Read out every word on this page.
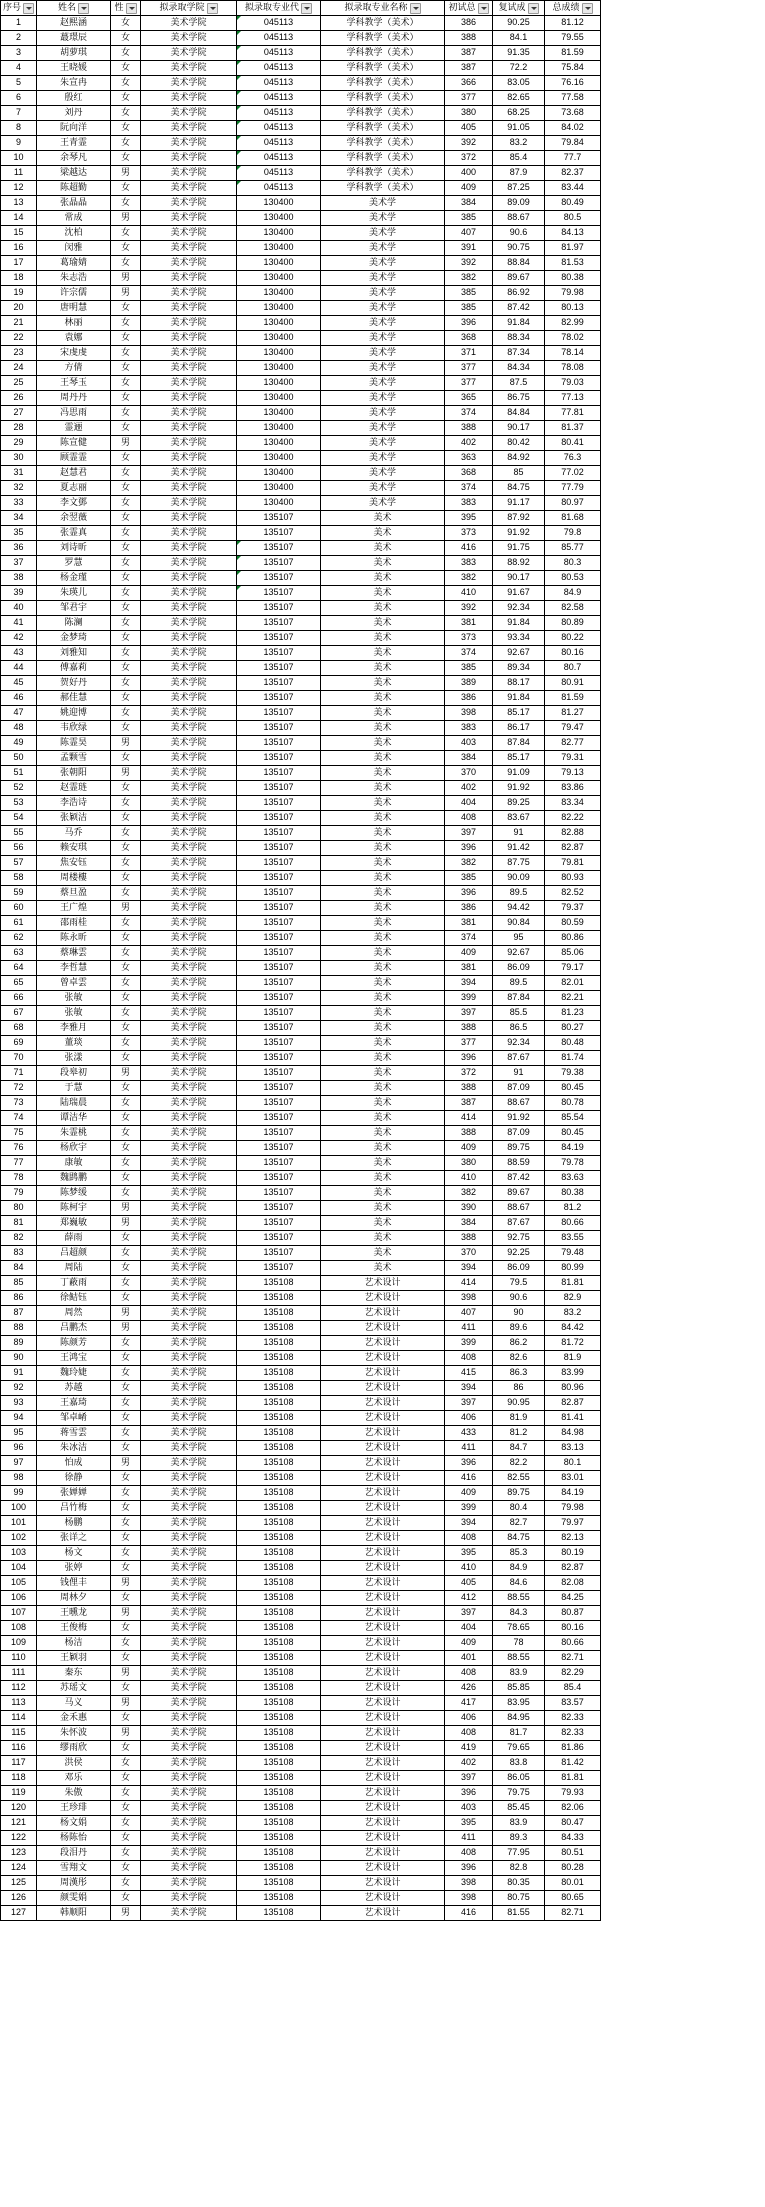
序号	姓名	性	拟录取学院	拟录取专业代	拟录取专业名称	初试总	复试成	总成绩

1	赵熙涵	女	美术学院	045113	学科教学（美术）	386	90.25	81.12
2	蕞璟辰	女	美术学院	045113	学科教学（美术）	388	84.1	79.55
3	胡萝琪	女	美术学院	045113	学科教学（美术）	387	91.35	81.59
4	王晓媛	女	美术学院	045113	学科教学（美术）	387	72.2	75.84
5	朱宣冉	女	美术学院	045113	学科教学（美术）	366	83.05	76.16
6	殷红	女	美术学院	045113	学科教学（美术）	377	82.65	77.58
7	刘丹	女	美术学院	045113	学科教学（美术）	380	68.25	73.68
8	阮向洋	女	美术学院	045113	学科教学（美术）	405	91.05	84.02
9	王青霊	女	美术学院	045113	学科教学（美术）	392	83.2	79.84
10	余琴凡	女	美术学院	045113	学科教学（美术）	372	85.4	77.7
11	梁越达	男	美术学院	045113	学科教学（美术）	400	87.9	82.37
12	陈超勤	女	美术学院	045113	学科教学（美术）	409	87.25	83.44
13	张晶晶	女	美术学院	130400	美术学	384	89.09	80.49
14	常成	男	美术学院	130400	美术学	385	88.67	80.5
15	沈柏	女	美术学院	130400	美术学	407	90.6	84.13
16	闵雅	女	美术学院	130400	美术学	391	90.75	81.97
17	葛瑜婧	女	美术学院	130400	美术学	392	88.84	81.53
18	朱志浩	男	美术学院	130400	美术学	382	89.67	80.38
19	许宗儒	男	美术学院	130400	美术学	385	86.92	79.98
20	唐明慧	女	美术学院	130400	美术学	385	87.42	80.13
21	林丽	女	美术学院	130400	美术学	396	91.84	82.99
22	袁娜	女	美术学院	130400	美术学	368	88.34	78.02
23	宋虔虔	女	美术学院	130400	美术学	371	87.34	78.14
24	方倩	女	美术学院	130400	美术学	377	84.34	78.08
25	王琴玉	女	美术学院	130400	美术学	377	87.5	79.03
26	周丹丹	女	美术学院	130400	美术学	365	86.75	77.13
27	冯思雨	女	美术学院	130400	美术学	374	84.84	77.81
28	霊逦	女	美术学院	130400	美术学	388	90.17	81.37
29	陈宣健	男	美术学院	130400	美术学	402	80.42	80.41
30	顾霊霊	女	美术学院	130400	美术学	363	84.92	76.3
31	赵慧君	女	美术学院	130400	美术学	368	85	77.02
32	夏志丽	女	美术学院	130400	美术学	374	84.75	77.79
33	李文鄧	女	美术学院	130400	美术学	383	91.17	80.97
34	余翌薇	女	美术学院	135107	美术	395	87.92	81.68
35	张霊真	女	美术学院	135107	美术	373	91.92	79.8
36	刘诗昕	女	美术学院	135107	美术	416	91.75	85.77
37	罗慧	女	美术学院	135107	美术	383	88.92	80.3
38	杨金瑾	女	美术学院	135107	美术	382	90.17	80.53
39	朱瑛儿	女	美术学院	135107	美术	410	91.67	84.9
40	邹君宇	女	美术学院	135107	美术	392	92.34	82.58
41	陈澜	女	美术学院	135107	美术	381	91.84	80.89
42	金梦琦	女	美术学院	135107	美术	373	93.34	80.22
43	刘雅知	女	美术学院	135107	美术	374	92.67	80.16
44	傅嘉莉	女	美术学院	135107	美术	385	89.34	80.7
45	贺好丹	女	美术学院	135107	美术	389	88.17	80.91
46	郝佳慧	女	美术学院	135107	美术	386	91.84	81.59
47	姚迎博	女	美术学院	135107	美术	398	85.17	81.27
48	韦欣绿	女	美术学院	135107	美术	383	86.17	79.47
49	陈霊昊	男	美术学院	135107	美术	403	87.84	82.77
50	孟颗雪	女	美术学院	135107	美术	384	85.17	79.31
51	张朝阳	男	美术学院	135107	美术	370	91.09	79.13
52	赵霊琏	女	美术学院	135107	美术	402	91.92	83.86
53	李浩诗	女	美术学院	135107	美术	404	89.25	83.34
54	张颖洁	女	美术学院	135107	美术	408	83.67	82.22
55	马乔	女	美术学院	135107	美术	397	91	82.88
56	赖安琪	女	美术学院	135107	美术	396	91.42	82.87
57	焦安钰	女	美术学院	135107	美术	382	87.75	79.81
58	周楼樓	女	美术学院	135107	美术	385	90.09	80.93
59	蔡旦盈	女	美术学院	135107	美术	396	89.5	82.52
60	王广煌	男	美术学院	135107	美术	386	94.42	79.37
61	邵雨桂	女	美术学院	135107	美术	381	90.84	80.59
62	陈永昕	女	美术学院	135107	美术	374	95	80.86
63	蔡琳雲	女	美术学院	135107	美术	409	92.67	85.06
64	李哲慧	女	美术学院	135107	美术	381	86.09	79.17
65	曾卓雲	女	美术学院	135107	美术	394	89.5	82.01
66	张敏	女	美术学院	135107	美术	399	87.84	82.21
67	张敏	女	美术学院	135107	美术	397	85.5	81.23
68	李雅月	女	美术学院	135107	美术	388	86.5	80.27
69	董琰	女	美术学院	135107	美术	377	92.34	80.48
70	张漾	女	美术学院	135107	美术	396	87.67	81.74
71	段皋初	男	美术学院	135107	美术	372	91	79.38
72	于慧	女	美术学院	135107	美术	388	87.09	80.45
73	陆瑞晨	女	美术学院	135107	美术	387	88.67	80.78
74	谭洁华	女	美术学院	135107	美术	414	91.92	85.54
75	朱霊桃	女	美术学院	135107	美术	388	87.09	80.45
76	杨欣宇	女	美术学院	135107	美术	409	89.75	84.19
77	康敏	女	美术学院	135107	美术	380	88.59	79.78
78	魏鹍鹏	女	美术学院	135107	美术	410	87.42	83.63
79	陈梦缓	女	美术学院	135107	美术	382	89.67	80.38
80	陈柯宇	男	美术学院	135107	美术	390	88.67	81.2
81	郑巍敏	男	美术学院	135107	美术	384	87.67	80.66
82	薛雨	女	美术学院	135107	美术	388	92.75	83.55
83	吕超颜	女	美术学院	135107	美术	370	92.25	79.48
84	周陆	女	美术学院	135107	美术	394	86.09	80.99
85	丁蔽雨	女	美术学院	135108	艺术设计	414	79.5	81.81
86	徐鲒钰	女	美术学院	135108	艺术设计	398	90.6	82.9
87	周然	男	美术学院	135108	艺术设计	407	90	83.2
88	吕鹏杰	男	美术学院	135108	艺术设计	411	89.6	84.42
89	陈颜芳	女	美术学院	135108	艺术设计	399	86.2	81.72
90	王鸿宝	女	美术学院	135108	艺术设计	408	82.6	81.9
91	魏玲婕	女	美术学院	135108	艺术设计	415	86.3	83.99
92	苏越	女	美术学院	135108	艺术设计	394	86	80.96
93	王嘉琦	女	美术学院	135108	艺术设计	397	90.95	82.87
94	邹卓崤	女	美术学院	135108	艺术设计	406	81.9	81.41
95	蒋雪雲	女	美术学院	135108	艺术设计	433	81.2	84.98
96	朱冰洁	女	美术学院	135108	艺术设计	411	84.7	83.13
97	怕成	男	美术学院	135108	艺术设计	396	82.2	80.1
98	徐静	女	美术学院	135108	艺术设计	416	82.55	83.01
99	张婵婵	女	美术学院	135108	艺术设计	409	89.75	84.19
100	吕竹梅	女	美术学院	135108	艺术设计	399	80.4	79.98
101	杨鹏	女	美术学院	135108	艺术设计	394	82.7	79.97
102	张详之	女	美术学院	135108	艺术设计	408	84.75	82.13
103	杨文	女	美术学院	135108	艺术设计	395	85.3	80.19
104	张婷	女	美术学院	135108	艺术设计	410	84.9	82.87
105	钱俚丰	男	美术学院	135108	艺术设计	405	84.6	82.08
106	周林夕	女	美术学院	135108	艺术设计	412	88.55	84.25
107	王曛龙	男	美术学院	135108	艺术设计	397	84.3	80.87
108	王俊梅	女	美术学院	135108	艺术设计	404	78.65	80.16
109	杨洁	女	美术学院	135108	艺术设计	409	78	80.66
110	王颖羽	女	美术学院	135108	艺术设计	401	88.55	82.71
111	秦东	男	美术学院	135108	艺术设计	408	83.9	82.29
112	苏瑶文	女	美术学院	135108	艺术设计	426	85.85	85.4
113	马义	男	美术学院	135108	艺术设计	417	83.95	83.57
114	金禾惠	女	美术学院	135108	艺术设计	406	84.95	82.33
115	朱怀波	男	美术学院	135108	艺术设计	408	81.7	82.33
116	缪雨欣	女	美术学院	135108	艺术设计	419	79.65	81.86
117	洪侯	女	美术学院	135108	艺术设计	402	83.8	81.42
118	邓乐	女	美术学院	135108	艺术设计	397	86.05	81.81
119	朱傲	女	美术学院	135108	艺术设计	396	79.75	79.93
120	王珍琲	女	美术学院	135108	艺术设计	403	85.45	82.06
121	杨文娟	女	美术学院	135108	艺术设计	395	83.9	80.47
122	杨陈怡	女	美术学院	135108	艺术设计	411	89.3	84.33
123	段泪丹	女	美术学院	135108	艺术设计	408	77.95	80.51
124	雪翔文	女	美术学院	135108	艺术设计	396	82.8	80.28
125	周漢彤	女	美术学院	135108	艺术设计	398	80.35	80.01
126	颜雯娟	女	美术学院	135108	艺术设计	398	80.75	80.65
127	韩顺阳	男	美术学院	135108	艺术设计	416	81.55	82.71
